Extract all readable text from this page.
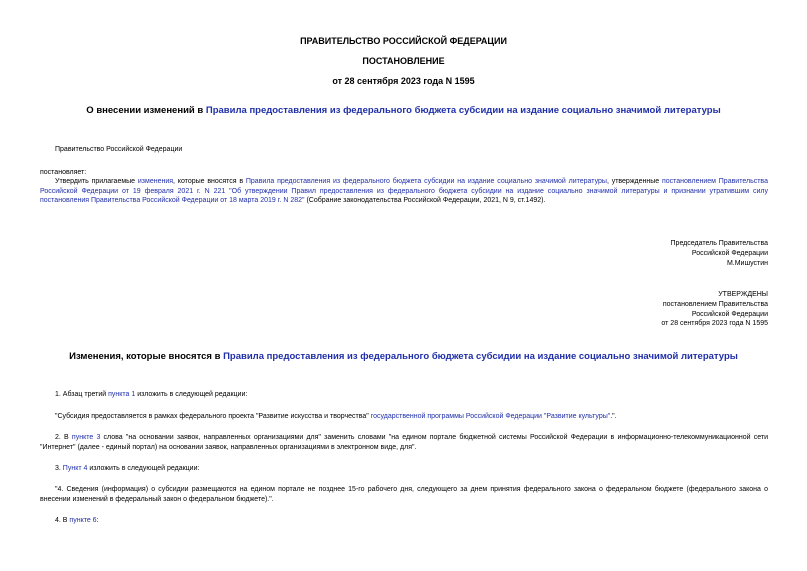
ПРАВИТЕЛЬСТВО РОССИЙСКОЙ ФЕДЕРАЦИИ
ПОСТАНОВЛЕНИЕ
от 28 сентября 2023 года N 1595
О внесении изменений в Правила предоставления из федерального бюджета субсидии на издание социально значимой литературы
Правительство Российской Федерации
постановляет:
Утвердить прилагаемые изменения, которые вносятся в Правила предоставления из федерального бюджета субсидии на издание социально значимой литературы, утвержденные постановлением Правительства Российской Федерации от 19 февраля 2021 г. N 221 "Об утверждении Правил предоставления из федерального бюджета субсидии на издание социально значимой литературы и признании утратившим силу постановления Правительства Российской Федерации от 18 марта 2019 г. N 282" (Собрание законодательства Российской Федерации, 2021, N 9, ст.1492).

Председатель Правительства

Российской Федерации

М.Мишустин

УТВЕРЖДЕНЫ

постановлением Правительства

Российской Федерации

от 28 сентября 2023 года N 1595

Изменения, которые вносятся в Правила предоставления из федерального бюджета субсидии на издание социально значимой литературы
1. Абзац третий пункта 1 изложить в следующей редакции:
"Субсидия предоставляется в рамках федерального проекта "Развитие искусства и творчества" государственной программы Российской Федерации "Развитие культуры".".
2. В пункте 3 слова "на основании заявок, направленных организациями для" заменить словами "на едином портале бюджетной системы Российской Федерации в информационно-телекоммуникационной сети "Интернет" (далее - единый портал) на основании заявок, направленных организациями в электронном виде, для".
3. Пункт 4 изложить в следующей редакции:
"4. Сведения (информация) о субсидии размещаются на едином портале не позднее 15-го рабочего дня, следующего за днем принятия федерального закона о федеральном бюджете (федерального закона о внесении изменений в федеральный закон о федеральном бюджете).".
4. В пункте 6:
